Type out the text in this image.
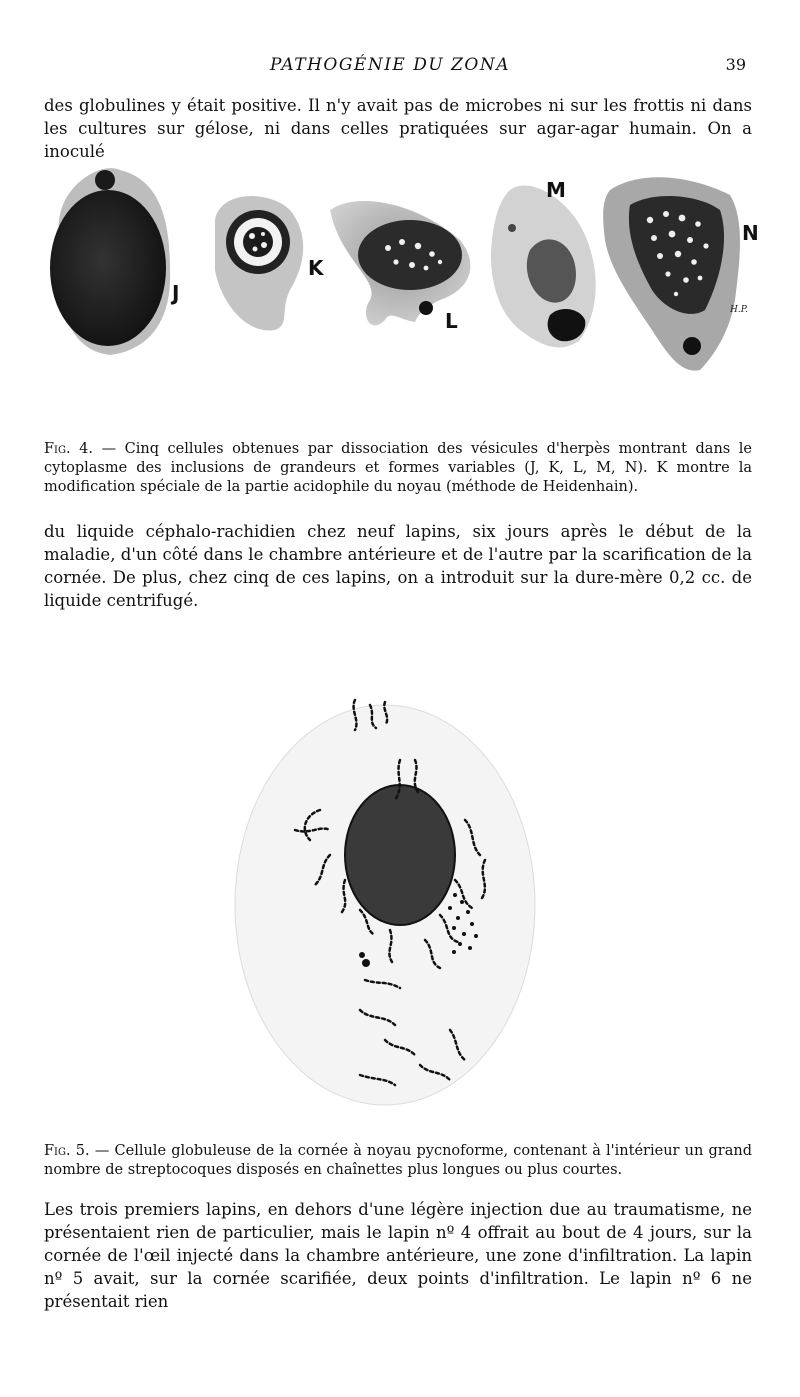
PATHOGÉNIE DU ZONA	39

des globulines y était positive. Il n'y avait pas de microbes ni sur les frottis ni dans les cultures sur gélose, ni dans celles pratiquées sur agar-agar humain. On a inoculé

J
K
L
M
N
H.P.

Fig. 4. — Cinq cellules obtenues par dissociation des vésicules d'herpès montrant dans le cytoplasme des inclusions de grandeurs et formes variables (J, K, L, M, N). K montre la modification spéciale de la partie acidophile du noyau (méthode de Heidenhain).

du liquide céphalo-rachidien chez neuf lapins, six jours après le début de la maladie, d'un côté dans le chambre antérieure et de l'autre par la scarification de la cornée. De plus, chez cinq de ces lapins, on a introduit sur la dure-mère 0,2 cc. de liquide centrifugé.

Fig. 5. — Cellule globuleuse de la cornée à noyau pycnoforme, contenant à l'intérieur un grand nombre de streptocoques disposés en chaînettes plus longues ou plus courtes.

Les trois premiers lapins, en dehors d'une légère injection due au traumatisme, ne présentaient rien de particulier, mais le lapin nº 4 offrait au bout de 4 jours, sur la cornée de l'œil injecté dans la chambre antérieure, une zone d'infiltration. La lapin nº 5 avait, sur la cornée scarifiée, deux points d'infiltration. Le lapin nº 6 ne présentait rien
